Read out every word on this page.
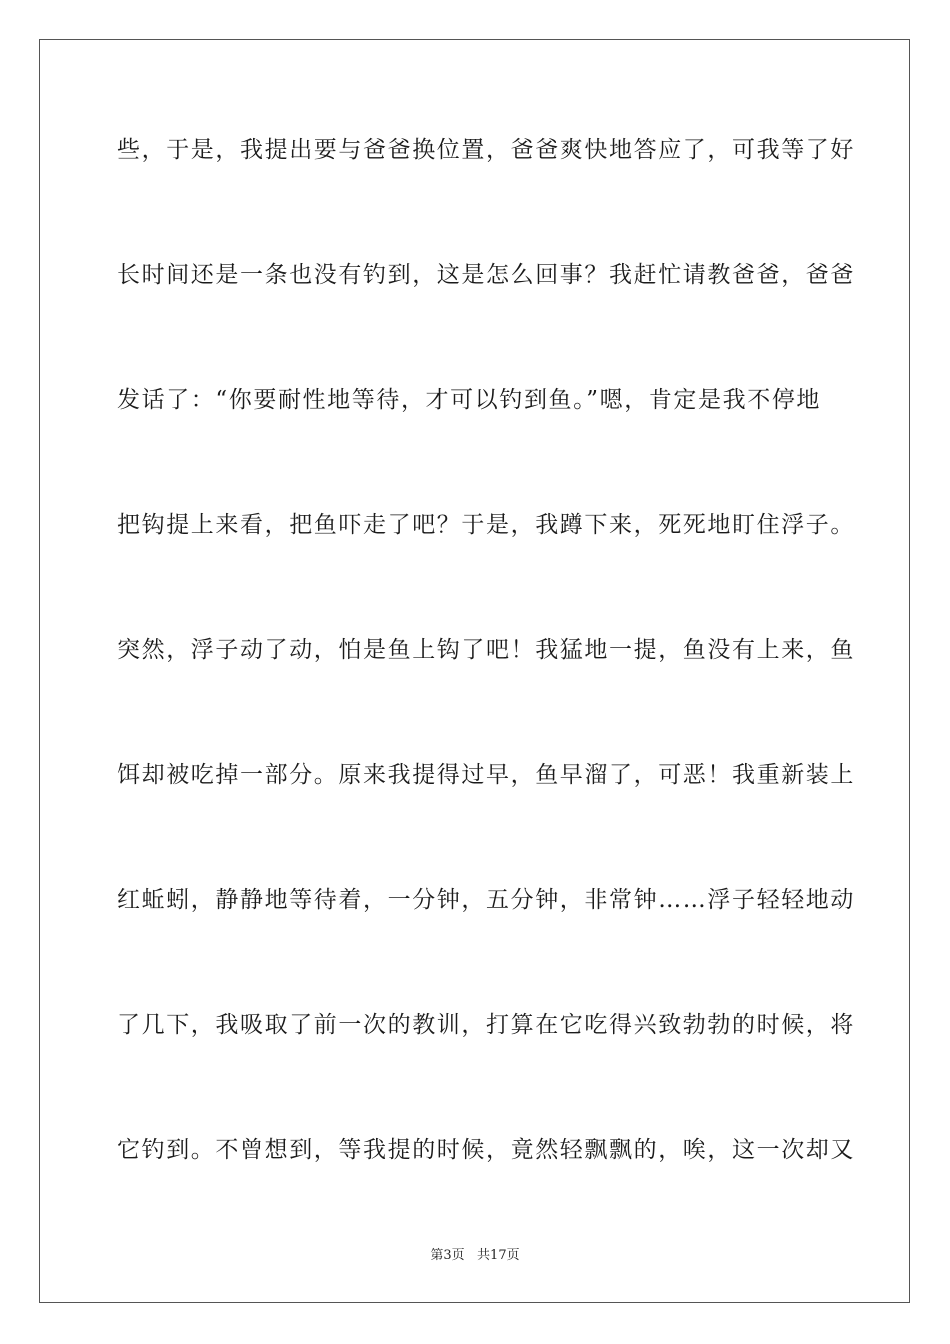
些，于是，我提出要与爸爸换位置，爸爸爽快地答应了，可我等了好
长时间还是一条也没有钓到，这是怎么回事？我赶忙请教爸爸，爸爸
发话了：“你要耐性地等待，才可以钓到鱼。”嗯，肯定是我不停地
把钩提上来看，把鱼吓走了吧？于是，我蹲下来，死死地盯住浮子。
突然，浮子动了动，怕是鱼上钩了吧！我猛地一提，鱼没有上来，鱼
饵却被吃掉一部分。原来我提得过早，鱼早溜了，可恶！我重新装上
红蚯蚓，静静地等待着，一分钟，五分钟，非常钟……浮子轻轻地动
了几下，我吸取了前一次的教训，打算在它吃得兴致勃勃的时候，将
它钓到。不曾想到，等我提的时候，竟然轻飘飘的，唉，这一次却又
第3页   共17页
